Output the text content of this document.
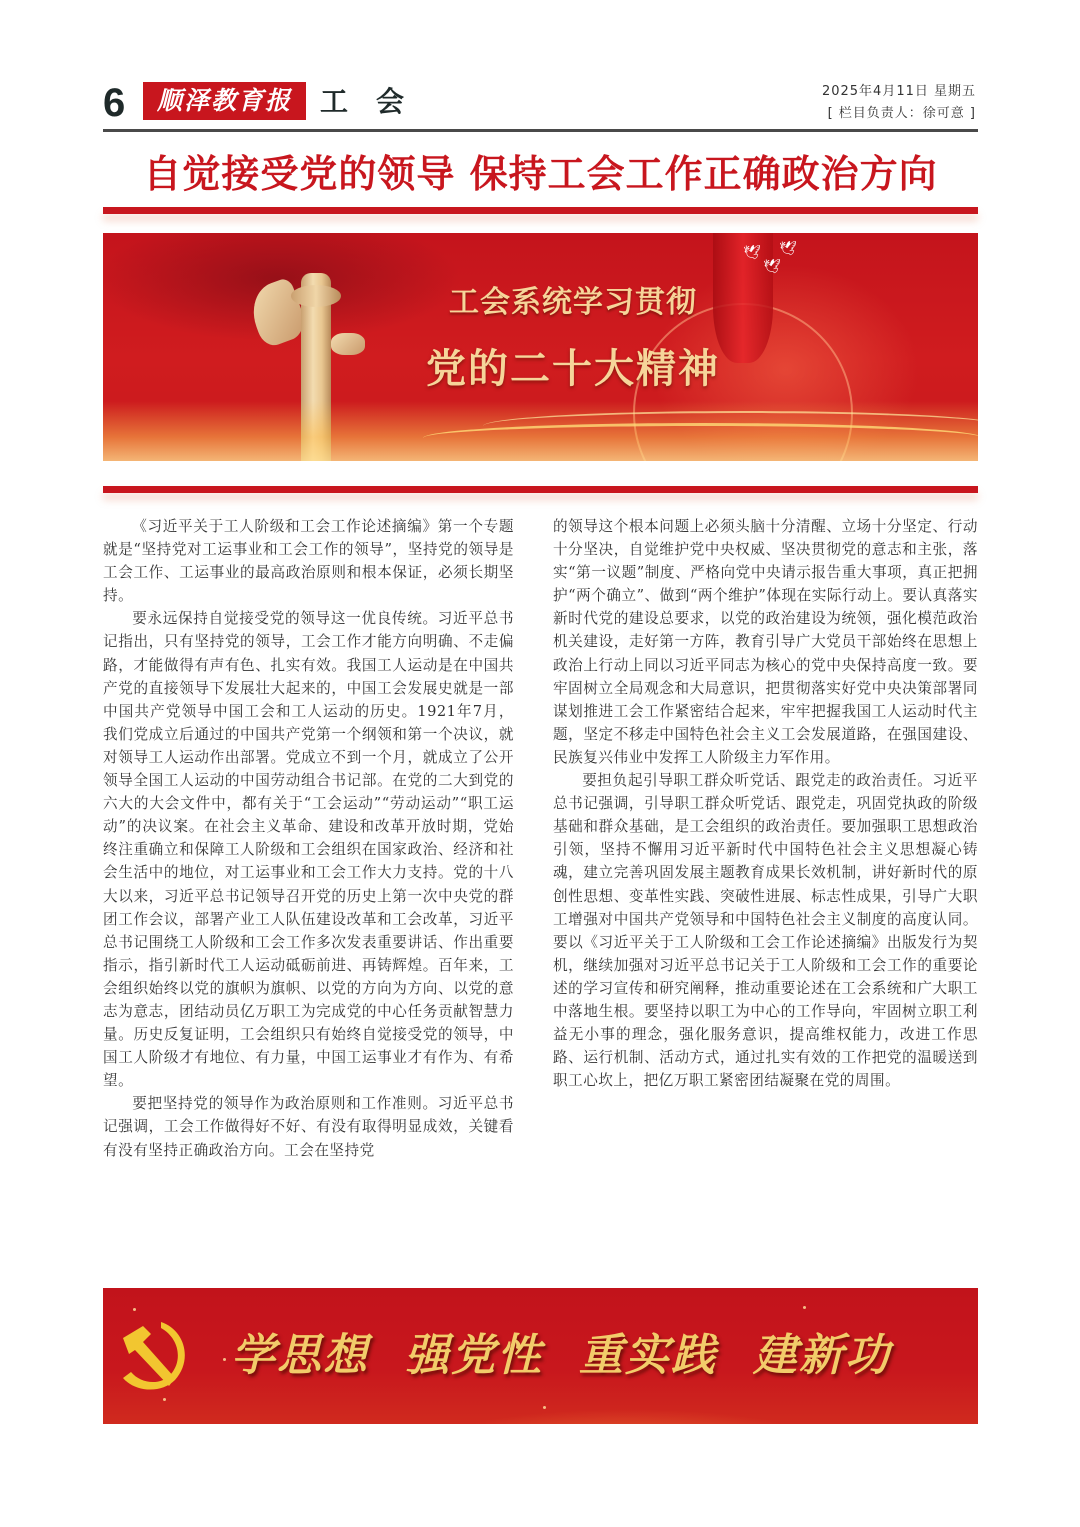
6	顺泽教育报	工会	2025年4月11日 星期五
[ 栏目负责人：徐可意 ]
自觉接受党的领导 保持工会工作正确政治方向
🕊
🕊
🕊
工会系统学习贯彻
党的二十大精神

《习近平关于工人阶级和工会工作论述摘编》第一个专题就是“坚持党对工运事业和工会工作的领导”，坚持党的领导是工会工作、工运事业的最高政治原则和根本保证，必须长期坚持。

要永远保持自觉接受党的领导这一优良传统。习近平总书记指出，只有坚持党的领导，工会工作才能方向明确、不走偏路，才能做得有声有色、扎实有效。我国工人运动是在中国共产党的直接领导下发展壮大起来的，中国工会发展史就是一部中国共产党领导中国工会和工人运动的历史。1921年7月，我们党成立后通过的中国共产党第一个纲领和第一个决议，就对领导工人运动作出部署。党成立不到一个月，就成立了公开领导全国工人运动的中国劳动组合书记部。在党的二大到党的六大的大会文件中，都有关于“工会运动”“劳动运动”“职工运动”的决议案。在社会主义革命、建设和改革开放时期，党始终注重确立和保障工人阶级和工会组织在国家政治、经济和社会生活中的地位，对工运事业和工会工作大力支持。党的十八大以来，习近平总书记领导召开党的历史上第一次中央党的群团工作会议，部署产业工人队伍建设改革和工会改革，习近平总书记围绕工人阶级和工会工作多次发表重要讲话、作出重要指示，指引新时代工人运动砥砺前进、再铸辉煌。百年来，工会组织始终以党的旗帜为旗帜、以党的方向为方向、以党的意志为意志，团结动员亿万职工为完成党的中心任务贡献智慧力量。历史反复证明，工会组织只有始终自觉接受党的领导，中国工人阶级才有地位、有力量，中国工运事业才有作为、有希望。

要把坚持党的领导作为政治原则和工作准则。习近平总书记强调，工会工作做得好不好、有没有取得明显成效，关键看有没有坚持正确政治方向。工会在坚持党

的领导这个根本问题上必须头脑十分清醒、立场十分坚定、行动十分坚决，自觉维护党中央权威、坚决贯彻党的意志和主张，落实“第一议题”制度、严格向党中央请示报告重大事项，真正把拥护“两个确立”、做到“两个维护”体现在实际行动上。要认真落实新时代党的建设总要求，以党的政治建设为统领，强化模范政治机关建设，走好第一方阵，教育引导广大党员干部始终在思想上政治上行动上同以习近平同志为核心的党中央保持高度一致。要牢固树立全局观念和大局意识，把贯彻落实好党中央决策部署同谋划推进工会工作紧密结合起来，牢牢把握我国工人运动时代主题，坚定不移走中国特色社会主义工会发展道路，在强国建设、民族复兴伟业中发挥工人阶级主力军作用。

要担负起引导职工群众听党话、跟党走的政治责任。习近平总书记强调，引导职工群众听党话、跟党走，巩固党执政的阶级基础和群众基础，是工会组织的政治责任。要加强职工思想政治引领，坚持不懈用习近平新时代中国特色社会主义思想凝心铸魂，建立完善巩固发展主题教育成果长效机制，讲好新时代的原创性思想、变革性实践、突破性进展、标志性成果，引导广大职工增强对中国共产党领导和中国特色社会主义制度的高度认同。要以《习近平关于工人阶级和工会工作论述摘编》出版发行为契机，继续加强对习近平总书记关于工人阶级和工会工作的重要论述的学习宣传和研究阐释，推动重要论述在工会系统和广大职工中落地生根。要坚持以职工为中心的工作导向，牢固树立职工利益无小事的理念，强化服务意识，提高维权能力，改进工作思路、运行机制、活动方式，通过扎实有效的工作把党的温暖送到职工心坎上，把亿万职工紧密团结凝聚在党的周围。

学思想 强党性 重实践 建新功
